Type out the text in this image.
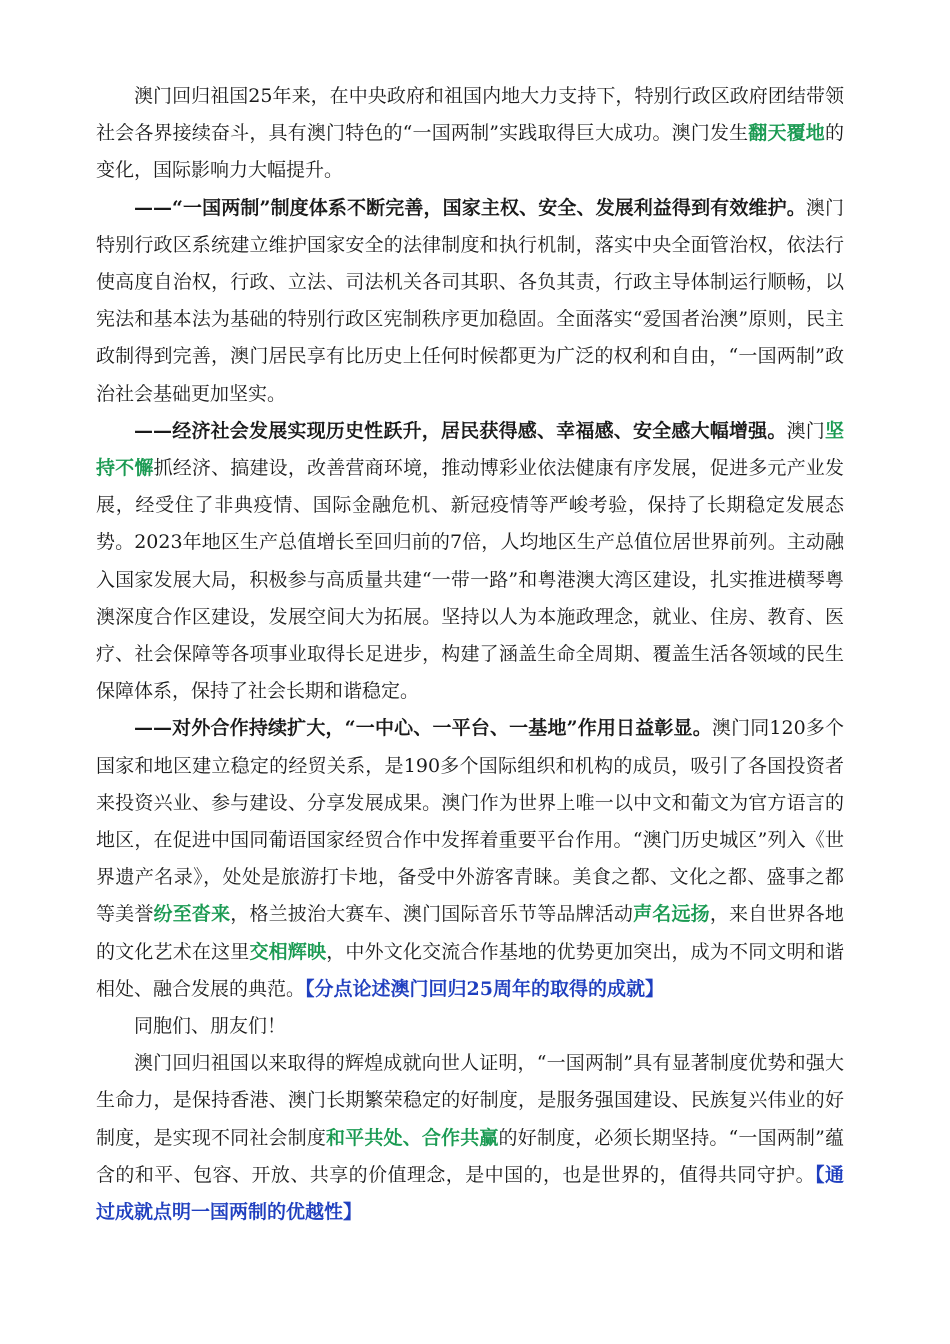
澳门回归祖国25年来，在中央政府和祖国内地大力支持下，特别行政区政府团结带领社会各界接续奋斗，具有澳门特色的“一国两制”实践取得巨大成功。澳门发生翻天覆地的变化，国际影响力大幅提升。

——“一国两制”制度体系不断完善，国家主权、安全、发展利益得到有效维护。澳门特别行政区系统建立维护国家安全的法律制度和执行机制，落实中央全面管治权，依法行使高度自治权，行政、立法、司法机关各司其职、各负其责，行政主导体制运行顺畅，以宪法和基本法为基础的特别行政区宪制秩序更加稳固。全面落实“爱国者治澳”原则，民主政制得到完善，澳门居民享有比历史上任何时候都更为广泛的权利和自由，“一国两制”政治社会基础更加坚实。

——经济社会发展实现历史性跃升，居民获得感、幸福感、安全感大幅增强。澳门坚持不懈抓经济、搞建设，改善营商环境，推动博彩业依法健康有序发展，促进多元产业发展，经受住了非典疫情、国际金融危机、新冠疫情等严峻考验，保持了长期稳定发展态势。2023年地区生产总值增长至回归前的7倍，人均地区生产总值位居世界前列。主动融入国家发展大局，积极参与高质量共建“一带一路”和粤港澳大湾区建设，扎实推进横琴粤澳深度合作区建设，发展空间大为拓展。坚持以人为本施政理念，就业、住房、教育、医疗、社会保障等各项事业取得长足进步，构建了涵盖生命全周期、覆盖生活各领域的民生保障体系，保持了社会长期和谐稳定。

——对外合作持续扩大，“一中心、一平台、一基地”作用日益彰显。澳门同120多个国家和地区建立稳定的经贸关系，是190多个国际组织和机构的成员，吸引了各国投资者来投资兴业、参与建设、分享发展成果。澳门作为世界上唯一以中文和葡文为官方语言的地区，在促进中国同葡语国家经贸合作中发挥着重要平台作用。“澳门历史城区”列入《世界遗产名录》，处处是旅游打卡地，备受中外游客青睐。美食之都、文化之都、盛事之都等美誉纷至沓来，格兰披治大赛车、澳门国际音乐节等品牌活动声名远扬，来自世界各地的文化艺术在这里交相辉映，中外文化交流合作基地的优势更加突出，成为不同文明和谐相处、融合发展的典范。【分点论述澳门回归25周年的取得的成就】

同胞们、朋友们！

澳门回归祖国以来取得的辉煌成就向世人证明，“一国两制”具有显著制度优势和强大生命力，是保持香港、澳门长期繁荣稳定的好制度，是服务强国建设、民族复兴伟业的好制度，是实现不同社会制度和平共处、合作共赢的好制度，必须长期坚持。“一国两制”蕴含的和平、包容、开放、共享的价值理念，是中国的，也是世界的，值得共同守护。【通过成就点明一国两制的优越性】
